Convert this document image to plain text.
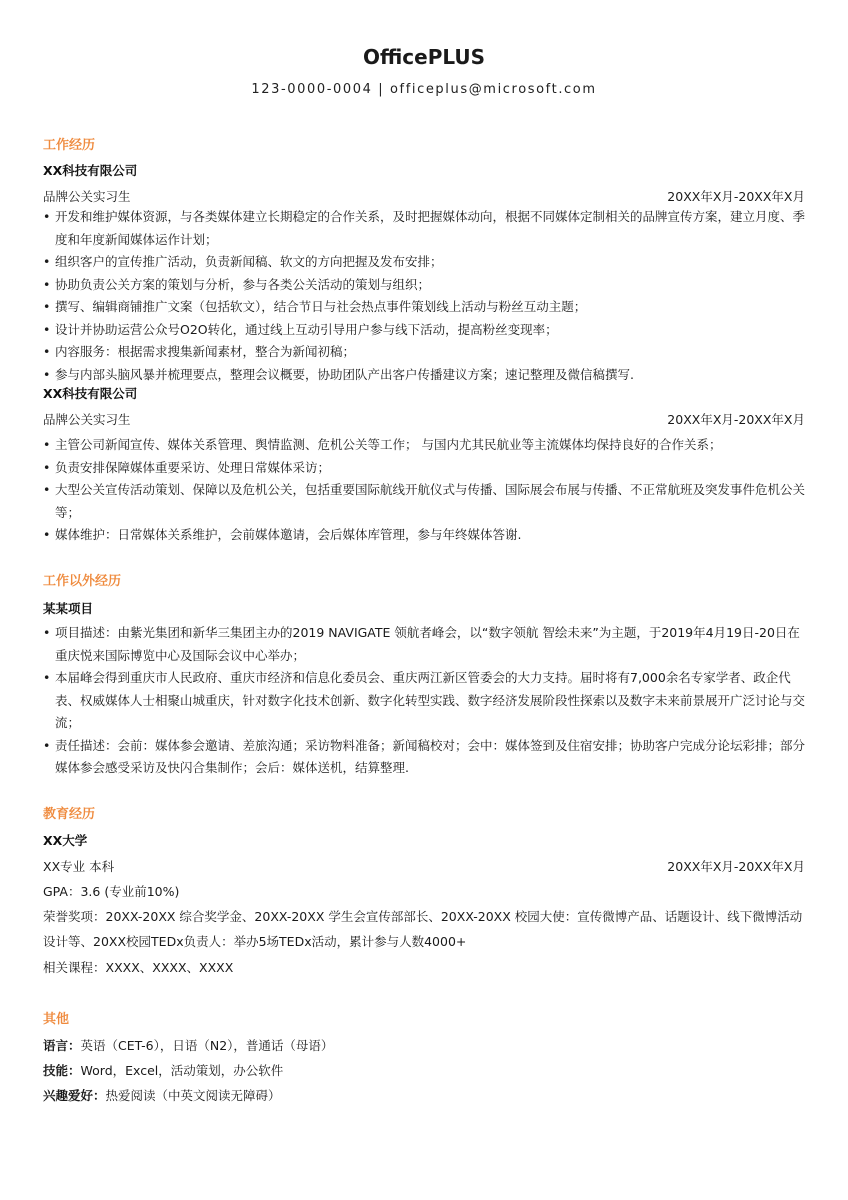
OfficePLUS
123-0000-0004 | officeplus@microsoft.com
工作经历
XX科技有限公司
品牌公关实习生	20XX年X月-20XX年X月
• 开发和维护媒体资源，与各类媒体建立长期稳定的合作关系，及时把握媒体动向，根据不同媒体定制相关的品牌宣传方案，建立月度、季度和年度新闻媒体运作计划；
• 组织客户的宣传推广活动，负责新闻稿、软文的方向把握及发布安排；
• 协助负责公关方案的策划与分析，参与各类公关活动的策划与组织；
• 撰写、编辑商铺推广文案（包括软文），结合节日与社会热点事件策划线上活动与粉丝互动主题；
• 设计并协助运营公众号O2O转化，通过线上互动引导用户参与线下活动，提高粉丝变现率；
• 内容服务：根据需求搜集新闻素材，整合为新闻初稿；
• 参与内部头脑风暴并梳理要点，整理会议概要，协助团队产出客户传播建议方案；速记整理及微信稿撰写.
XX科技有限公司
品牌公关实习生	20XX年X月-20XX年X月
• 主管公司新闻宣传、媒体关系管理、舆情监测、危机公关等工作； 与国内尤其民航业等主流媒体均保持良好的合作关系；
• 负责安排保障媒体重要采访、处理日常媒体采访；
• 大型公关宣传活动策划、保障以及危机公关，包括重要国际航线开航仪式与传播、国际展会布展与传播、不正常航班及突发事件危机公关等；
• 媒体维护：日常媒体关系维护，会前媒体邀请，会后媒体库管理，参与年终媒体答谢.
工作以外经历
某某项目
• 项目描述：由紫光集团和新华三集团主办的2019 NAVIGATE 领航者峰会，以“数字领航 智绘未来”为主题，于2019年4月19日-20日在重庆悦来国际博览中心及国际会议中心举办；
• 本届峰会得到重庆市人民政府、重庆市经济和信息化委员会、重庆两江新区管委会的大力支持。届时将有7,000余名专家学者、政企代表、权威媒体人士相聚山城重庆，针对数字化技术创新、数字化转型实践、数字经济发展阶段性探索以及数字未来前景展开广泛讨论与交流；
• 责任描述：会前：媒体参会邀请、差旅沟通；采访物料准备；新闻稿校对；会中：媒体签到及住宿安排；协助客户完成分论坛彩排；部分媒体参会感受采访及快闪合集制作；会后：媒体送机，结算整理.
教育经历
XX大学
XX专业 本科	20XX年X月-20XX年X月
GPA：3.6 (专业前10%)
荣誉奖项：20XX-20XX 综合奖学金、20XX-20XX 学生会宣传部部长、20XX-20XX 校园大使：宣传微博产品、话题设计、线下微博活动设计等、20XX校园TEDx负责人：举办5场TEDx活动，累计参与人数4000+
相关课程：XXXX、XXXX、XXXX
其他
语言：英语（CET-6），日语（N2），普通话（母语）
技能：Word，Excel，活动策划，办公软件
兴趣爱好：热爱阅读（中英文阅读无障碍）
